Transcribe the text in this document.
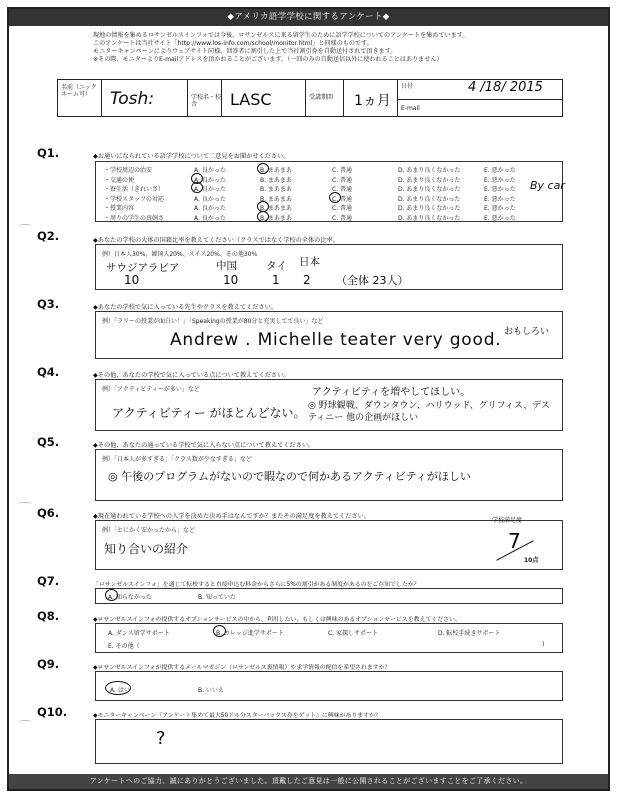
◆アメリカ語学学校に関するアンケート◆
現地の情報を集めるロサンゼルスインフォでは今後、ロサンゼルスに来る留学生のために語学学校についてのアンケートを集めています。
このアンケートは当社サイト「http://www.los-info.com/school/monitor.html」と同様のものです。
モニターキャンペーンによりウェブサイト同様、回答者に割引した上で当社割引券を自動送付されて頂きます。
※その際、モニターよりE-mailアドレスを頂かれることがございます。（一回のみの自動送信以外に使われることはありません）
名前（ニックネーム可）	Tosh:	学校名・校舎	LASC	受講期間 1ヵ月
日付	4 /18/ 2015
E-mail
Q1.	◆お通いになられている語学学校について二意見をお聞かせください。
・学校周辺の治安	A. 良かった	B. まあまあ	C. 普通	D. あまり良くなかった	E. 悪かった
・交通の便	A. 良かった	B. まあまあ	C. 普通	D. あまり良くなかった	E. 悪かった
・寮生活（きれいさ）	A. 良かった	B. まあまあ	C. 普通	D. あまり良くなかった	E. 悪かった
・学校スタッフの対応	A. 良かった	B. まあまあ	C. 普通	D. あまり良くなかった	E. 悪かった
・授業内容	A. 良かった	B. まあまあ	C. 普通	D. あまり良くなかった	E. 悪かった
・周りの学生の真剣さ	A. 良かった	B. まあまあ	C. 普通	D. あまり良くなかった	E. 悪かった
By car
Q2.	◆あなたの学校の大体の国籍比率を教えてください（クラスではなく学校の全体の比率。
例）日本人30%、韓国人20%、スイス20%、その他30%
サウジアラビア	中国	タイ 日本
10	10	1 2 （全体 23人）
Q3.	◆あなたの学校で気に入っている先生やクラスを教えてください。
例）「ラリーの授業が面白い！」「Speakingの授業が80分と充実してて良い」など
Andrew . Michelle teater very good. おもしろい
Q4.	◆その他、あなたの学校で気に入っている点について教えてください。
例）「アクティビティーが多い」など	アクティビティを増やしてほしい。
アクティビティー がほとんどない。 ◎ 野球観戦、ダウンタウン、ハリウッド、グリフィス、デスティニー 他の企画がほしい
Q5.	◆その他、あなたの通っている学校で気に入らない点について教えてください。
例）「日本人が多すぎる」「クラス数が少なすぎる」など
◎ 午後のプログラムがないので暇なので何かあるアクティビティがほしい
Q6.	◆現在通われている学校への入学を決めた決め手はなんですか？またその満足度を教えてください。
例）「とにかく安かったから」など
知り合いの紹介
学校満足度
7
10点
Q7.	「ロサンゼルスインフォ」を通じて転校すると直接申込む料金からさらに5%の割引がある制度があるのをご存知でしたか？
A. 知らなかった	B. 知っていた
Q8.	◆ロサンゼルスインフォの提供するオプションサービスの中から、利用したい、もしくは興味のあるオプションサービスを教えてください。
A. ダンス留学サポート	B. カレッジ進学サポート	C. 家探しサポート	D. 転校手続きサポート
E. その他（	)
Q9.	◆ロサンゼルスインフォが提供するメールマガジン（ロサンゼルス裏情報）や求学情報の配信を希望されますか？
A. はい	B. いいえ
Q10.	◆モニターキャンペーン『アンケート集めて最大50ドル分スターバックス券をゲット』に興味がありますか？
?
アンケートへのご協力、誠にありがとうございました。頂戴したご意見は一般に公開されることがございますことをご了承ください。
